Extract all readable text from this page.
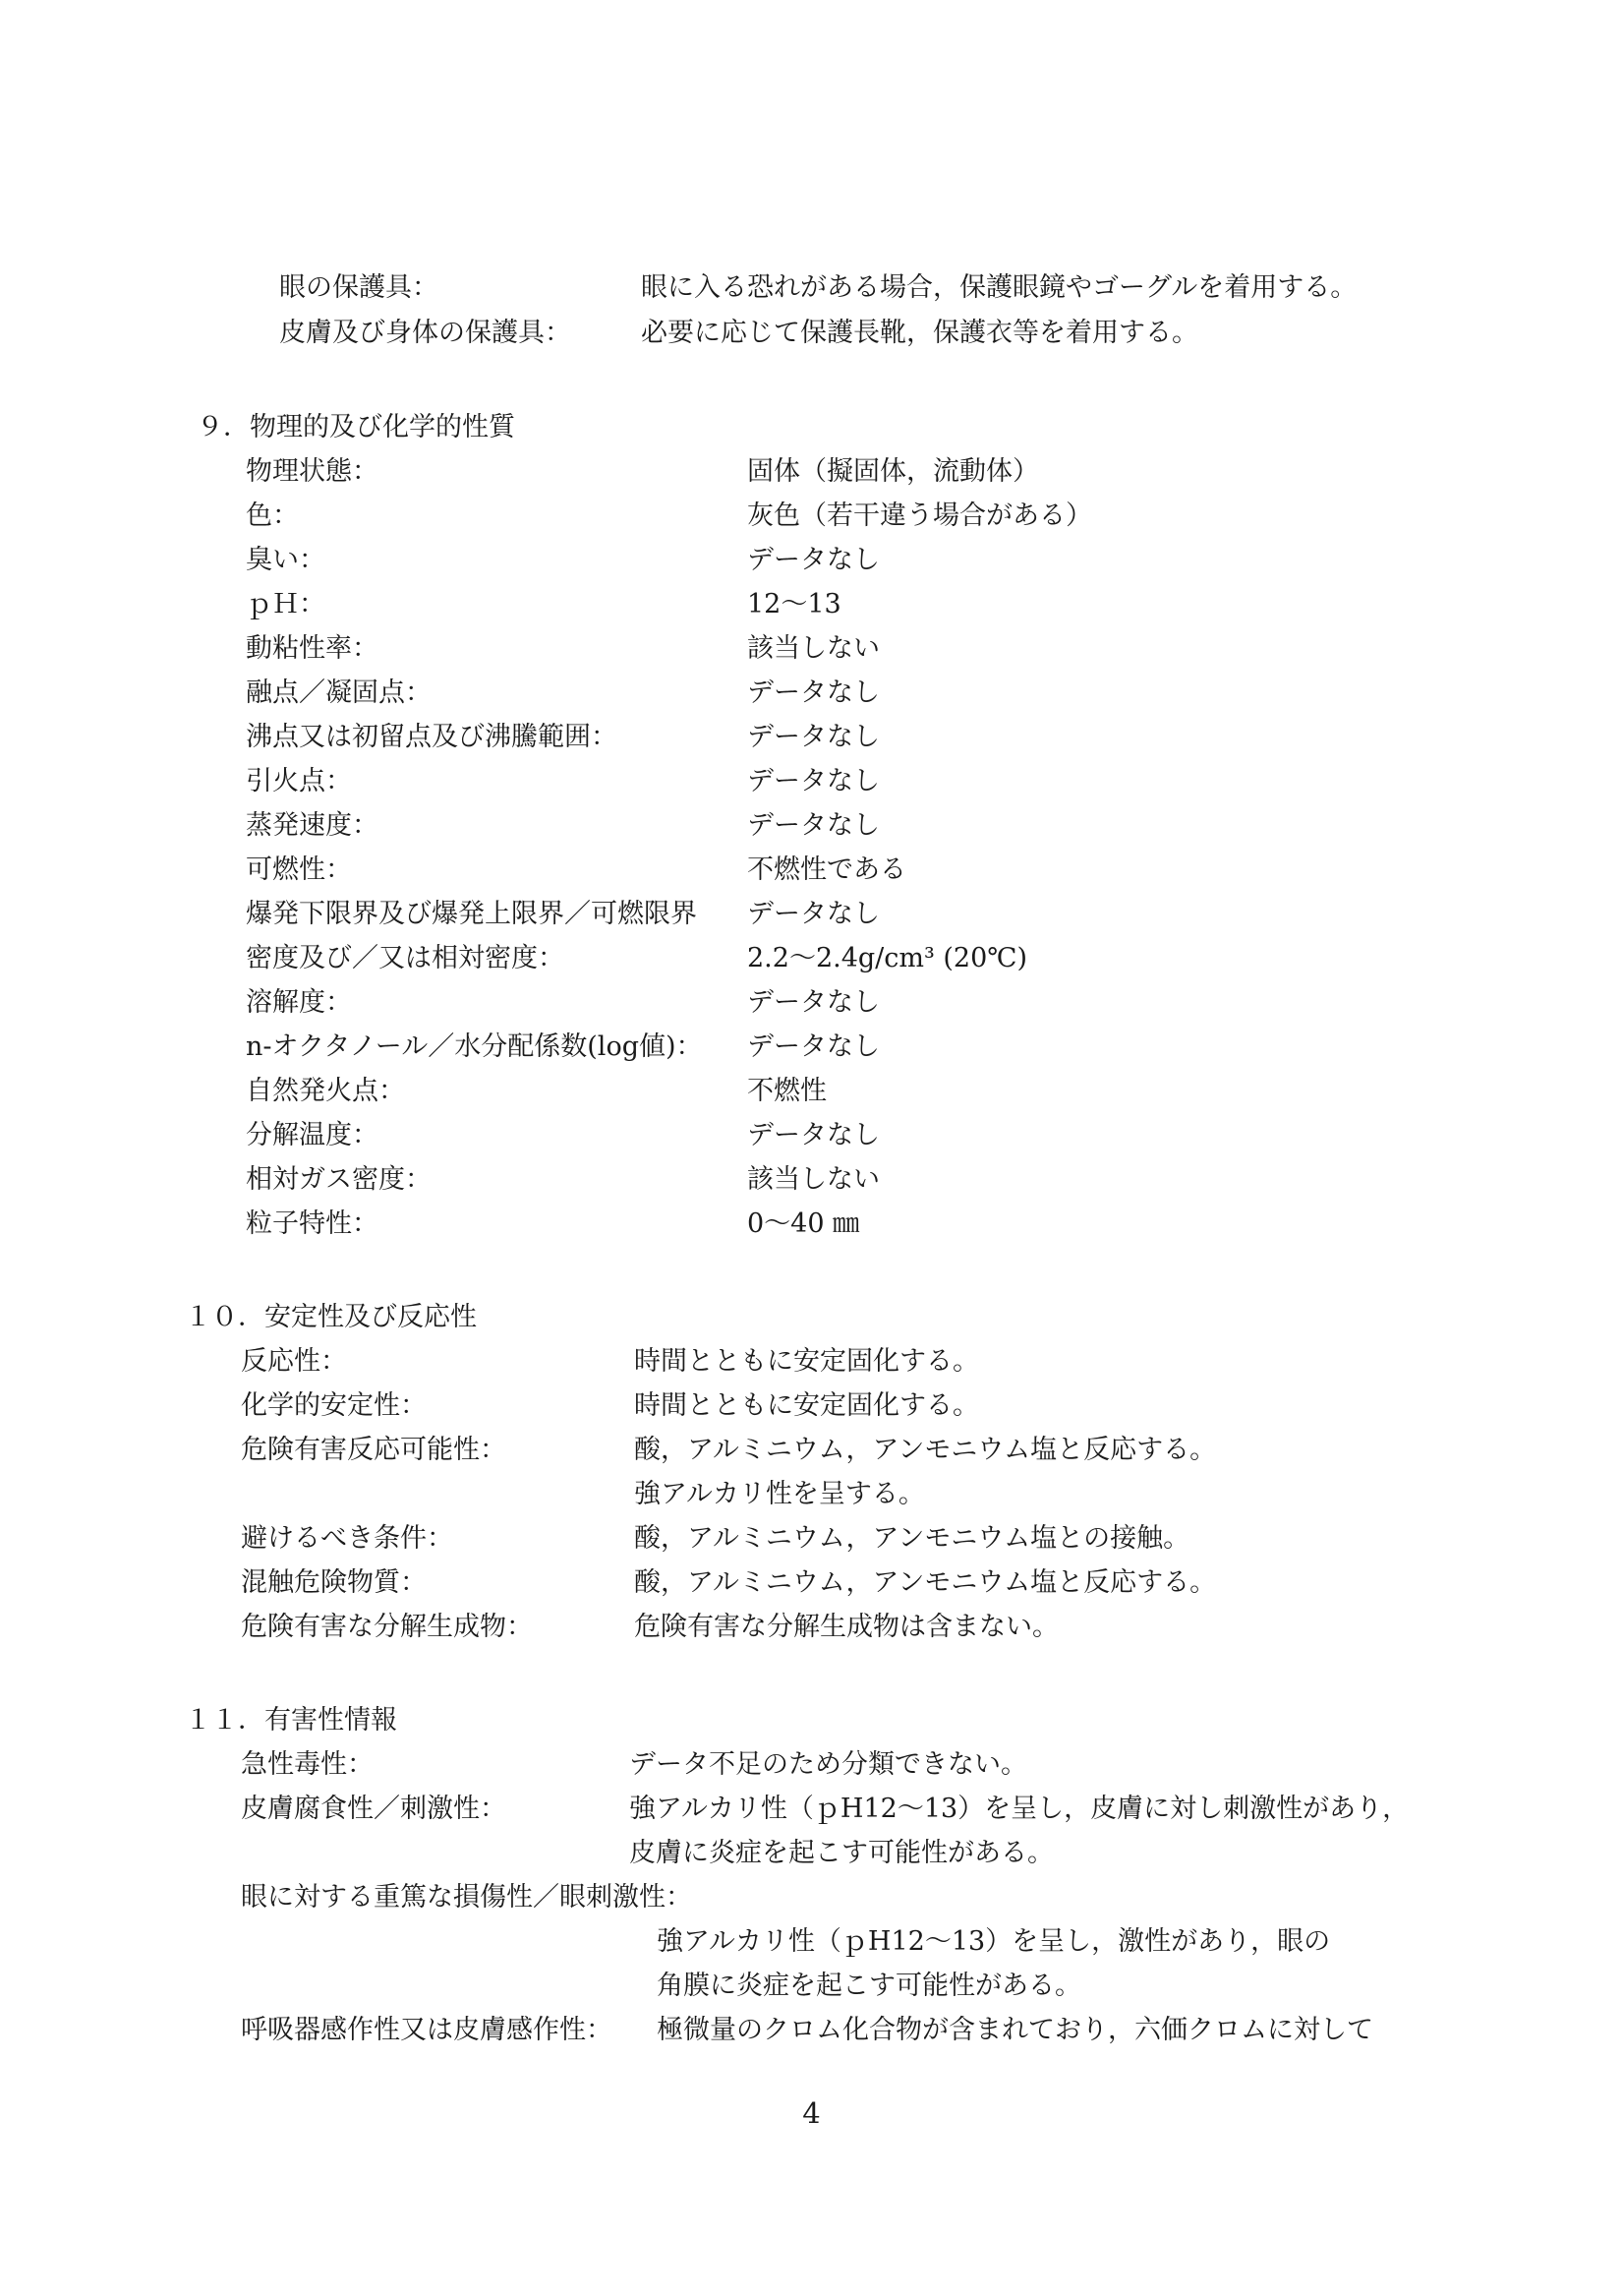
眼の保護具：	眼に入る恐れがある場合，保護眼鏡やゴーグルを着用する。
皮膚及び身体の保護具：	必要に応じて保護長靴，保護衣等を着用する。
９．物理的及び化学的性質
物理状態：	固体（擬固体，流動体）
色：	灰色（若干違う場合がある）
臭い：	データなし
ｐＨ：	12～13
動粘性率：	該当しない
融点／凝固点：	データなし
沸点又は初留点及び沸騰範囲：	データなし
引火点：	データなし
蒸発速度：	データなし
可燃性：	不燃性である
爆発下限界及び爆発上限界／可燃限界 データなし
密度及び／又は相対密度：	2.2～2.4g/cm³ (20℃)
溶解度：	データなし
n-オクタノール／水分配係数(log値)： データなし
自然発火点：	不燃性
分解温度：	データなし
相対ガス密度：	該当しない
粒子特性：	0～40 ㎜
１０．安定性及び反応性
反応性：	時間とともに安定固化する。
化学的安定性：	時間とともに安定固化する。
危険有害反応可能性：	酸，アルミニウム，アンモニウム塩と反応する。
強アルカリ性を呈する。
避けるべき条件：	酸，アルミニウム，アンモニウム塩との接触。
混触危険物質：	酸，アルミニウム，アンモニウム塩と反応する。
危険有害な分解生成物：	危険有害な分解生成物は含まない。
１１．有害性情報
急性毒性：	データ不足のため分類できない。
皮膚腐食性／刺激性：	強アルカリ性（ｐH12～13）を呈し，皮膚に対し刺激性があり，
皮膚に炎症を起こす可能性がある。
眼に対する重篤な損傷性／眼刺激性：
強アルカリ性（ｐH12～13）を呈し，激性があり，眼の
角膜に炎症を起こす可能性がある。
呼吸器感作性又は皮膚感作性： 極微量のクロム化合物が含まれており，六価クロムに対して
4
